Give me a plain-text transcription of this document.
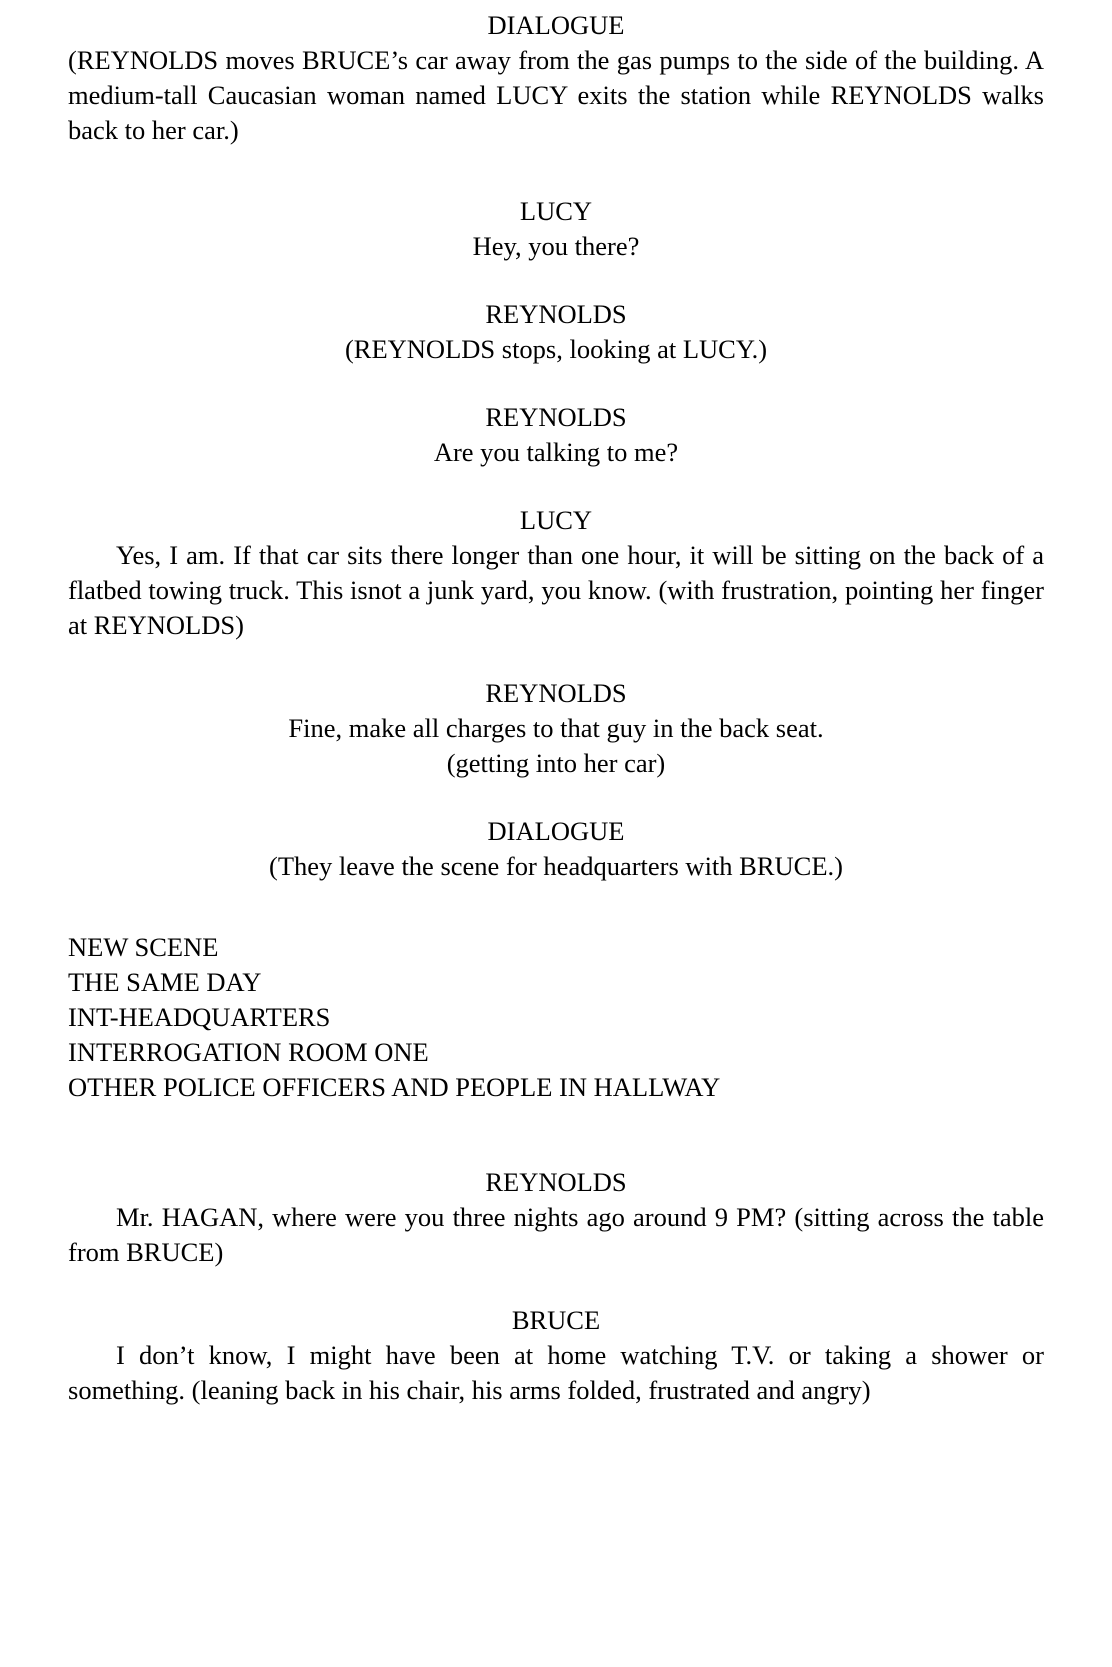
DIALOGUE
(REYNOLDS moves BRUCE’s car away from the gas pumps to the side of the building. A medium-tall Caucasian woman named LUCY exits the station while REYNOLDS walks back to her car.)
LUCY
Hey, you there?
REYNOLDS
(REYNOLDS stops, looking at LUCY.)
REYNOLDS
Are you talking to me?
LUCY
Yes, I am. If that car sits there longer than one hour, it will be sitting on the back of a flatbed towing truck. This isnot a junk yard, you know. (with frustration, pointing her finger at REYNOLDS)
REYNOLDS
Fine, make all charges to that guy in the back seat.
(getting into her car)
DIALOGUE
(They leave the scene for headquarters with BRUCE.)
NEW SCENE
THE SAME DAY
INT-HEADQUARTERS
INTERROGATION ROOM ONE
OTHER POLICE OFFICERS AND PEOPLE IN HALLWAY
REYNOLDS
Mr. HAGAN, where were you three nights ago around 9 PM? (sitting across the table from BRUCE)
BRUCE
I don’t know, I might have been at home watching T.V. or taking a shower or something. (leaning back in his chair, his arms folded, frustrated and angry)
